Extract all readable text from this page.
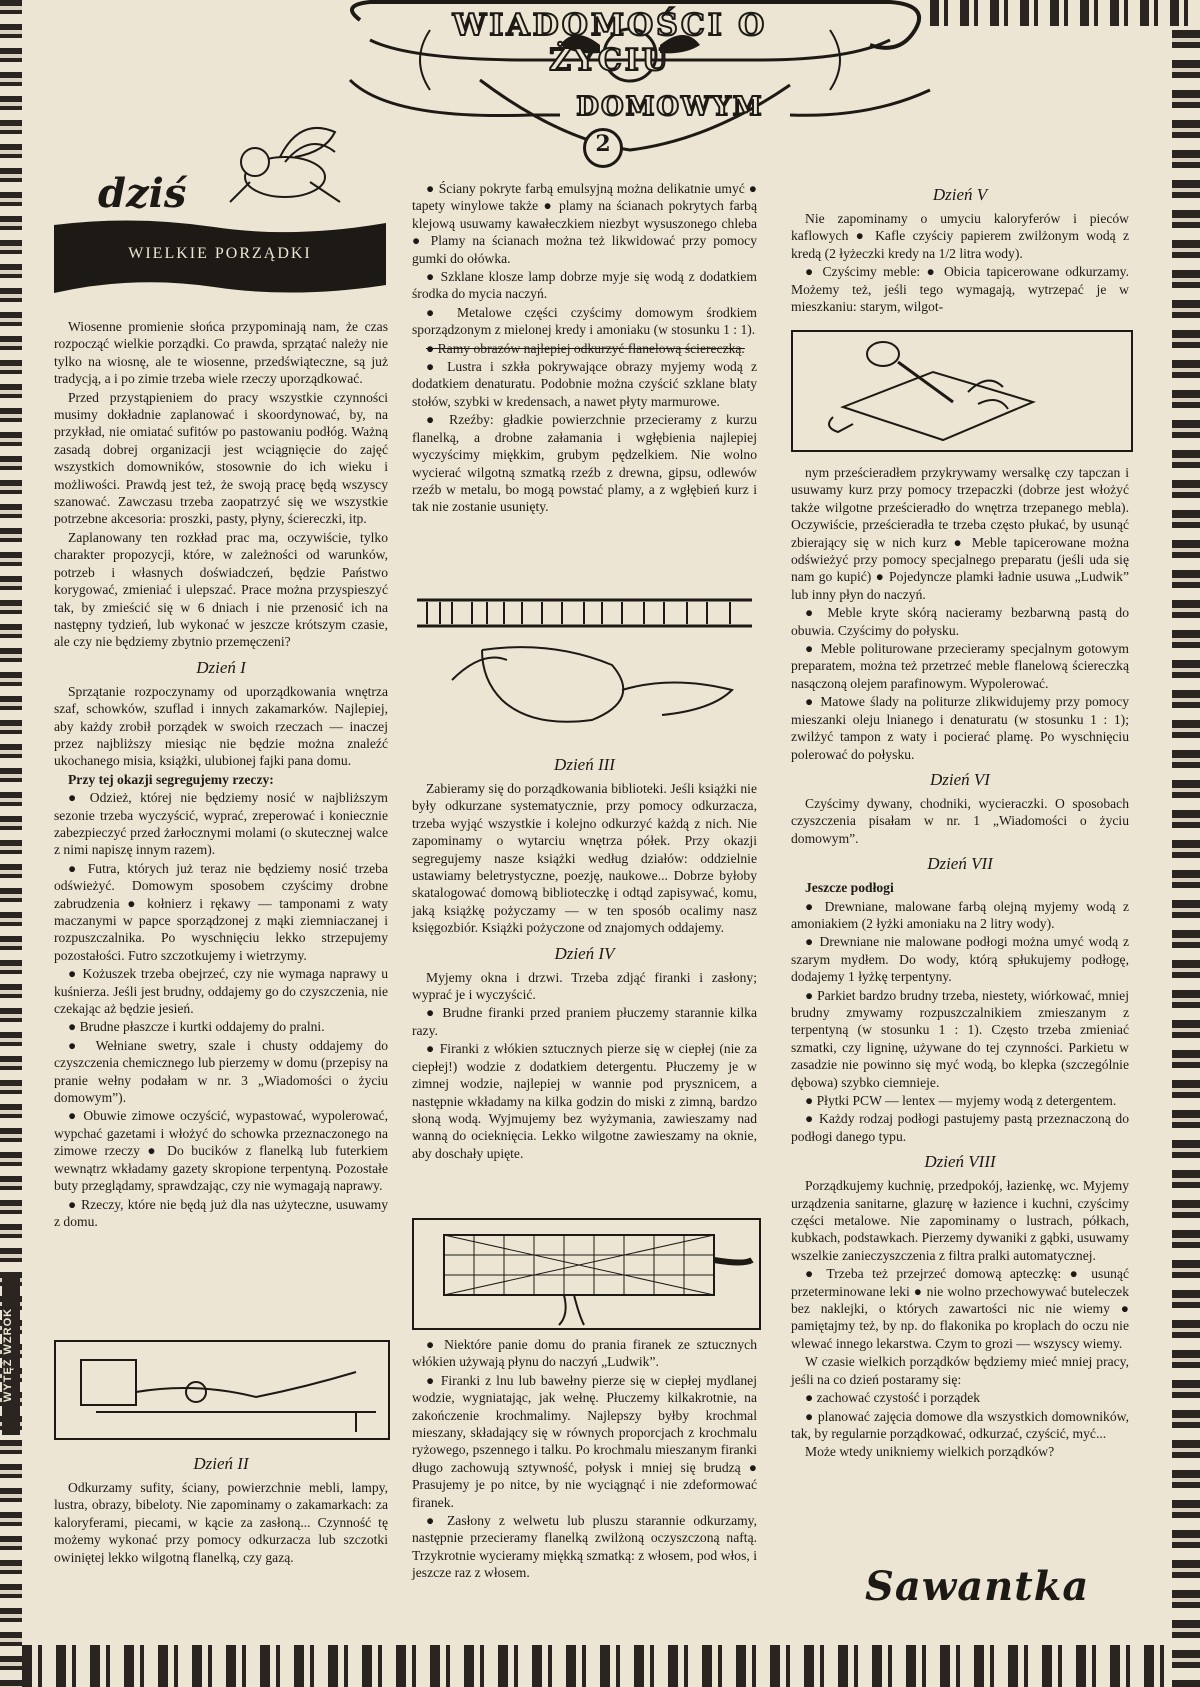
WYTĘŻ WZROK
WIADOMOŚCI O ŻYCIU
DOMOWYM
2
dziś
WIELKIE PORZĄDKI

Wiosenne promienie słońca przypominają nam, że czas rozpocząć wielkie porządki. Co prawda, sprzątać należy nie tylko na wiosnę, ale te wiosenne, przedświąteczne, są już tradycją, a i po zimie trzeba wiele rzeczy uporządkować.

Przed przystąpieniem do pracy wszystkie czynności musimy dokładnie zaplanować i skoordynować, by, na przykład, nie omiatać sufitów po pastowaniu podłóg. Ważną zasadą dobrej organizacji jest wciągnięcie do zajęć wszystkich domowników, stosownie do ich wieku i możliwości. Prawdą jest też, że swoją pracę będą wszyscy szanować. Zawczasu trzeba zaopatrzyć się we wszystkie potrzebne akcesoria: proszki, pasty, płyny, ściereczki, itp.

Zaplanowany ten rozkład prac ma, oczywiście, tylko charakter propozycji, które, w zależności od warunków, potrzeb i własnych doświadczeń, będzie Państwo korygować, zmieniać i ulepszać. Prace można przyspieszyć tak, by zmieścić się w 6 dniach i nie przenosić ich na następny tydzień, lub wykonać w jeszcze krótszym czasie, ale czy nie będziemy zbytnio przemęczeni?

Dzień I

Sprzątanie rozpoczynamy od uporządkowania wnętrza szaf, schowków, szuflad i innych zakamarków. Najlepiej, aby każdy zrobił porządek w swoich rzeczach — inaczej przez najbliższy miesiąc nie będzie można znaleźć ukochanego misia, książki, ulubionej fajki pana domu.

Przy tej okazji segregujemy rzeczy:

● Odzież, której nie będziemy nosić w najbliższym sezonie trzeba wyczyścić, wyprać, zreperować i koniecznie zabezpieczyć przed żarłocznymi molami (o skutecznej walce z nimi napiszę innym razem).

● Futra, których już teraz nie będziemy nosić trzeba odświeżyć. Domowym sposobem czyścimy drobne zabrudzenia ● kołnierz i rękawy — tamponami z waty maczanymi w papce sporządzonej z mąki ziemniaczanej i rozpuszczalnika. Po wyschnięciu lekko strzepujemy pozostałości. Futro szczotkujemy i wietrzymy.

● Kożuszek trzeba obejrzeć, czy nie wymaga naprawy u kuśnierza. Jeśli jest brudny, oddajemy go do czyszczenia, nie czekając aż będzie jesień.

● Brudne płaszcze i kurtki oddajemy do pralni.

● Wełniane swetry, szale i chusty oddajemy do czyszczenia chemicznego lub pierzemy w domu (przepisy na pranie wełny podałam w nr. 3 „Wiadomości o życiu domowym”).

● Obuwie zimowe oczyścić, wypastować, wypolerować, wypchać gazetami i włożyć do schowka przeznaczonego na zimowe rzeczy ● Do bucików z flanelką lub futerkiem wewnątrz wkładamy gazety skropione terpentyną. Pozostałe buty przeglądamy, sprawdzając, czy nie wymagają naprawy.

● Rzeczy, które nie będą już dla nas użyteczne, usuwamy z domu.

Dzień II

Odkurzamy sufity, ściany, powierzchnie mebli, lampy, lustra, obrazy, bibeloty. Nie zapominamy o zakamarkach: za kaloryferami, piecami, w kącie za zasłoną... Czynność tę możemy wykonać przy pomocy odkurzacza lub szczotki owiniętej lekko wilgotną flanelką, czy gazą.

● Ściany pokryte farbą emulsyjną można delikatnie umyć ● tapety winylowe także ● plamy na ścianach pokrytych farbą klejową usuwamy kawałeczkiem niezbyt wysuszonego chleba ● Plamy na ścianach można też likwidować przy pomocy gumki do ołówka.

● Szklane klosze lamp dobrze myje się wodą z dodatkiem środka do mycia naczyń.

● Metalowe części czyścimy domowym środkiem sporządzonym z mielonej kredy i amoniaku (w stosunku 1 : 1).

● Ramy obrazów najlepiej odkurzyć flanelową ściereczką.

● Lustra i szkła pokrywające obrazy myjemy wodą z dodatkiem denaturatu. Podobnie można czyścić szklane blaty stołów, szybki w kredensach, a nawet płyty marmurowe.

● Rzeźby: gładkie powierzchnie przecieramy z kurzu flanelką, a drobne załamania i wgłębienia najlepiej wyczyścimy miękkim, grubym pędzelkiem. Nie wolno wycierać wilgotną szmatką rzeźb z drewna, gipsu, odlewów rzeźb w metalu, bo mogą powstać plamy, a z wgłębień kurz i tak nie zostanie usunięty.

Dzień III

Zabieramy się do porządkowania biblioteki. Jeśli książki nie były odkurzane systematycznie, przy pomocy odkurzacza, trzeba wyjąć wszystkie i kolejno odkurzyć każdą z nich. Nie zapominamy o wytarciu wnętrza półek. Przy okazji segregujemy nasze książki według działów: oddzielnie ustawiamy beletrystyczne, poezję, naukowe... Dobrze byłoby skatalogować domową biblioteczkę i odtąd zapisywać, komu, jaką książkę pożyczamy — w ten sposób ocalimy nasz księgozbiór. Książki pożyczone od znajomych oddajemy.

Dzień IV

Myjemy okna i drzwi. Trzeba zdjąć firanki i zasłony; wyprać je i wyczyścić.

● Brudne firanki przed praniem płuczemy starannie kilka razy.

● Firanki z włókien sztucznych pierze się w ciepłej (nie za ciepłej!) wodzie z dodatkiem detergentu. Płuczemy je w zimnej wodzie, najlepiej w wannie pod prysznicem, a następnie wkładamy na kilka godzin do miski z zimną, bardzo słoną wodą. Wyjmujemy bez wyżymania, zawieszamy nad wanną do ocieknięcia. Lekko wilgotne zawieszamy na oknie, aby doschały upięte.

● Niektóre panie domu do prania firanek ze sztucznych włókien używają płynu do naczyń „Ludwik”.

● Firanki z lnu lub bawełny pierze się w ciepłej mydlanej wodzie, wygniatając, jak wełnę. Płuczemy kilkakrotnie, na zakończenie krochmalimy. Najlepszy byłby krochmal mieszany, składający się w równych proporcjach z krochmalu ryżowego, pszennego i talku. Po krochmalu mieszanym firanki długo zachowują sztywność, połysk i mniej się brudzą ● Prasujemy je po nitce, by nie wyciągnąć i nie zdeformować firanek.

● Zasłony z welwetu lub pluszu starannie odkurzamy, następnie przecieramy flanelką zwilżoną oczyszczoną naftą. Trzykrotnie wycieramy miękką szmatką: z włosem, pod włos, i jeszcze raz z włosem.

Dzień V

Nie zapominamy o umyciu kaloryferów i pieców kaflowych ● Kafle czyściy papierem zwilżonym wodą z kredą (2 łyżeczki kredy na 1/2 litra wody).

● Czyścimy meble: ● Obicia tapicerowane odkurzamy. Możemy też, jeśli tego wymagają, wytrzepać je w mieszkaniu: starym, wilgot-

nym prześcieradłem przykrywamy wersalkę czy tapczan i usuwamy kurz przy pomocy trzepaczki (dobrze jest włożyć także wilgotne prześcieradło do wnętrza trzepanego mebla). Oczywiście, prześcieradła te trzeba często płukać, by usunąć zbierający się w nich kurz ● Meble tapicerowane można odświeżyć przy pomocy specjalnego preparatu (jeśli uda się nam go kupić) ● Pojedyncze plamki ładnie usuwa „Ludwik” lub inny płyn do naczyń.

● Meble kryte skórą nacieramy bezbarwną pastą do obuwia. Czyścimy do połysku.

● Meble politurowane przecieramy specjalnym gotowym preparatem, można też przetrzeć meble flanelową ściereczką nasączoną olejem parafinowym. Wypolerować.

● Matowe ślady na politurze zlikwidujemy przy pomocy mieszanki oleju lnianego i denaturatu (w stosunku 1 : 1); zwilżyć tampon z waty i pocierać plamę. Po wyschnięciu polerować do połysku.

Dzień VI

Czyścimy dywany, chodniki, wycieraczki. O sposobach czyszczenia pisałam w nr. 1 „Wiadomości o życiu domowym”.

Dzień VII

Jeszcze podłogi

● Drewniane, malowane farbą olejną myjemy wodą z amoniakiem (2 łyżki amoniaku na 2 litry wody).

● Drewniane nie malowane podłogi można umyć wodą z szarym mydłem. Do wody, którą spłukujemy podłogę, dodajemy 1 łyżkę terpentyny.

● Parkiet bardzo brudny trzeba, niestety, wiórkować, mniej brudny zmywamy rozpuszczalnikiem zmieszanym z terpentyną (w stosunku 1 : 1). Często trzeba zmieniać szmatki, czy ligninę, używane do tej czynności. Parkietu w zasadzie nie powinno się myć wodą, bo klepka (szczególnie dębowa) szybko ciemnieje.

● Płytki PCW — lentex — myjemy wodą z detergentem.

● Każdy rodzaj podłogi pastujemy pastą przeznaczoną do podłogi danego typu.

Dzień VIII

Porządkujemy kuchnię, przedpokój, łazienkę, wc. Myjemy urządzenia sanitarne, glazurę w łazience i kuchni, czyścimy części metalowe. Nie zapominamy o lustrach, półkach, kubkach, podstawkach. Pierzemy dywaniki z gąbki, usuwamy wszelkie zanieczyszczenia z filtra pralki automatycznej.

● Trzeba też przejrzeć domową apteczkę: ● usunąć przeterminowane leki ● nie wolno przechowywać buteleczek bez naklejki, o których zawartości nic nie wiemy ● pamiętajmy też, by np. do flakonika po kroplach do oczu nie wlewać innego lekarstwa. Czym to grozi — wszyscy wiemy.

W czasie wielkich porządków będziemy mieć mniej pracy, jeśli na co dzień postaramy się:

● zachować czystość i porządek

● planować zajęcia domowe dla wszystkich domowników, tak, by regularnie porządkować, odkurzać, czyścić, myć...

Może wtedy unikniemy wielkich porządków?

Sawantka
